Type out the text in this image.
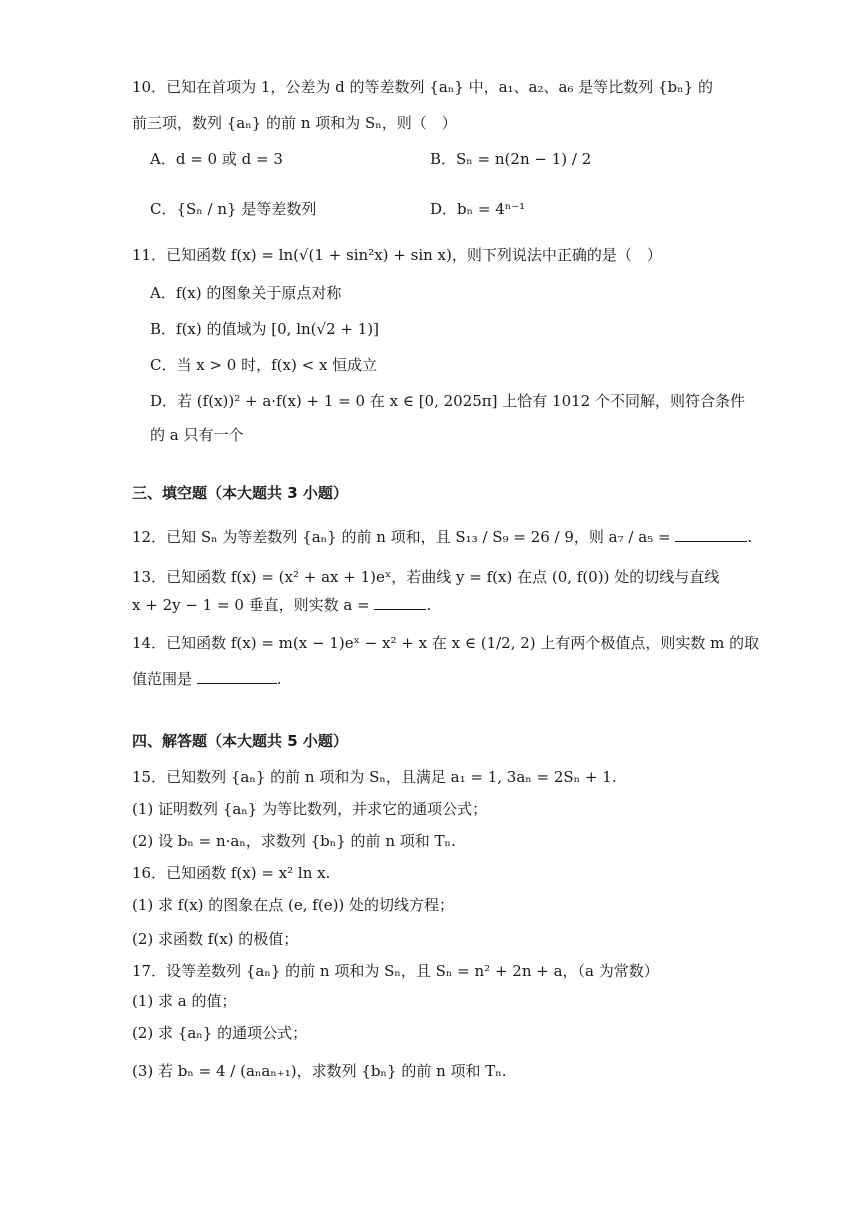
10．已知在首项为 1，公差为 d 的等差数列 {aₙ} 中，a₁、a₂、a₆ 是等比数列 {bₙ} 的
前三项，数列 {aₙ} 的前 n 项和为 Sₙ，则（　）
A．d = 0 或 d = 3	B．Sₙ = n(2n − 1) / 2
C．{Sₙ / n} 是等差数列	D．bₙ = 4ⁿ⁻¹
11．已知函数 f(x) = ln(√(1 + sin²x) + sin x)，则下列说法中正确的是（　）
A．f(x) 的图象关于原点对称
B．f(x) 的值域为 [0, ln(√2 + 1)]
C．当 x > 0 时，f(x) < x 恒成立
D．若 (f(x))² + a·f(x) + 1 = 0 在 x ∈ [0, 2025π] 上恰有 1012 个不同解，则符合条件
的 a 只有一个
三、填空题（本大题共 3 小题）
12．已知 Sₙ 为等差数列 {aₙ} 的前 n 项和，且 S₁₃ / S₉ = 26 / 9，则 a₇ / a₅ =	.
13．已知函数 f(x) = (x² + ax + 1)eˣ，若曲线 y = f(x) 在点 (0, f(0)) 处的切线与直线
x + 2y − 1 = 0 垂直，则实数 a =	.
14．已知函数 f(x) = m(x − 1)eˣ − x² + x 在 x ∈ (1/2, 2) 上有两个极值点，则实数 m 的取
值范围是	.
四、解答题（本大题共 5 小题）
15．已知数列 {aₙ} 的前 n 项和为 Sₙ，且满足 a₁ = 1, 3aₙ = 2Sₙ + 1.
(1) 证明数列 {aₙ} 为等比数列，并求它的通项公式；
(2) 设 bₙ = n·aₙ，求数列 {bₙ} 的前 n 项和 Tₙ.
16．已知函数 f(x) = x² ln x.
(1) 求 f(x) 的图象在点 (e, f(e)) 处的切线方程；
(2) 求函数 f(x) 的极值；
17．设等差数列 {aₙ} 的前 n 项和为 Sₙ，且 Sₙ = n² + 2n + a，（a 为常数）
(1) 求 a 的值；
(2) 求 {aₙ} 的通项公式；
(3) 若 bₙ = 4 / (aₙaₙ₊₁)，求数列 {bₙ} 的前 n 项和 Tₙ.
